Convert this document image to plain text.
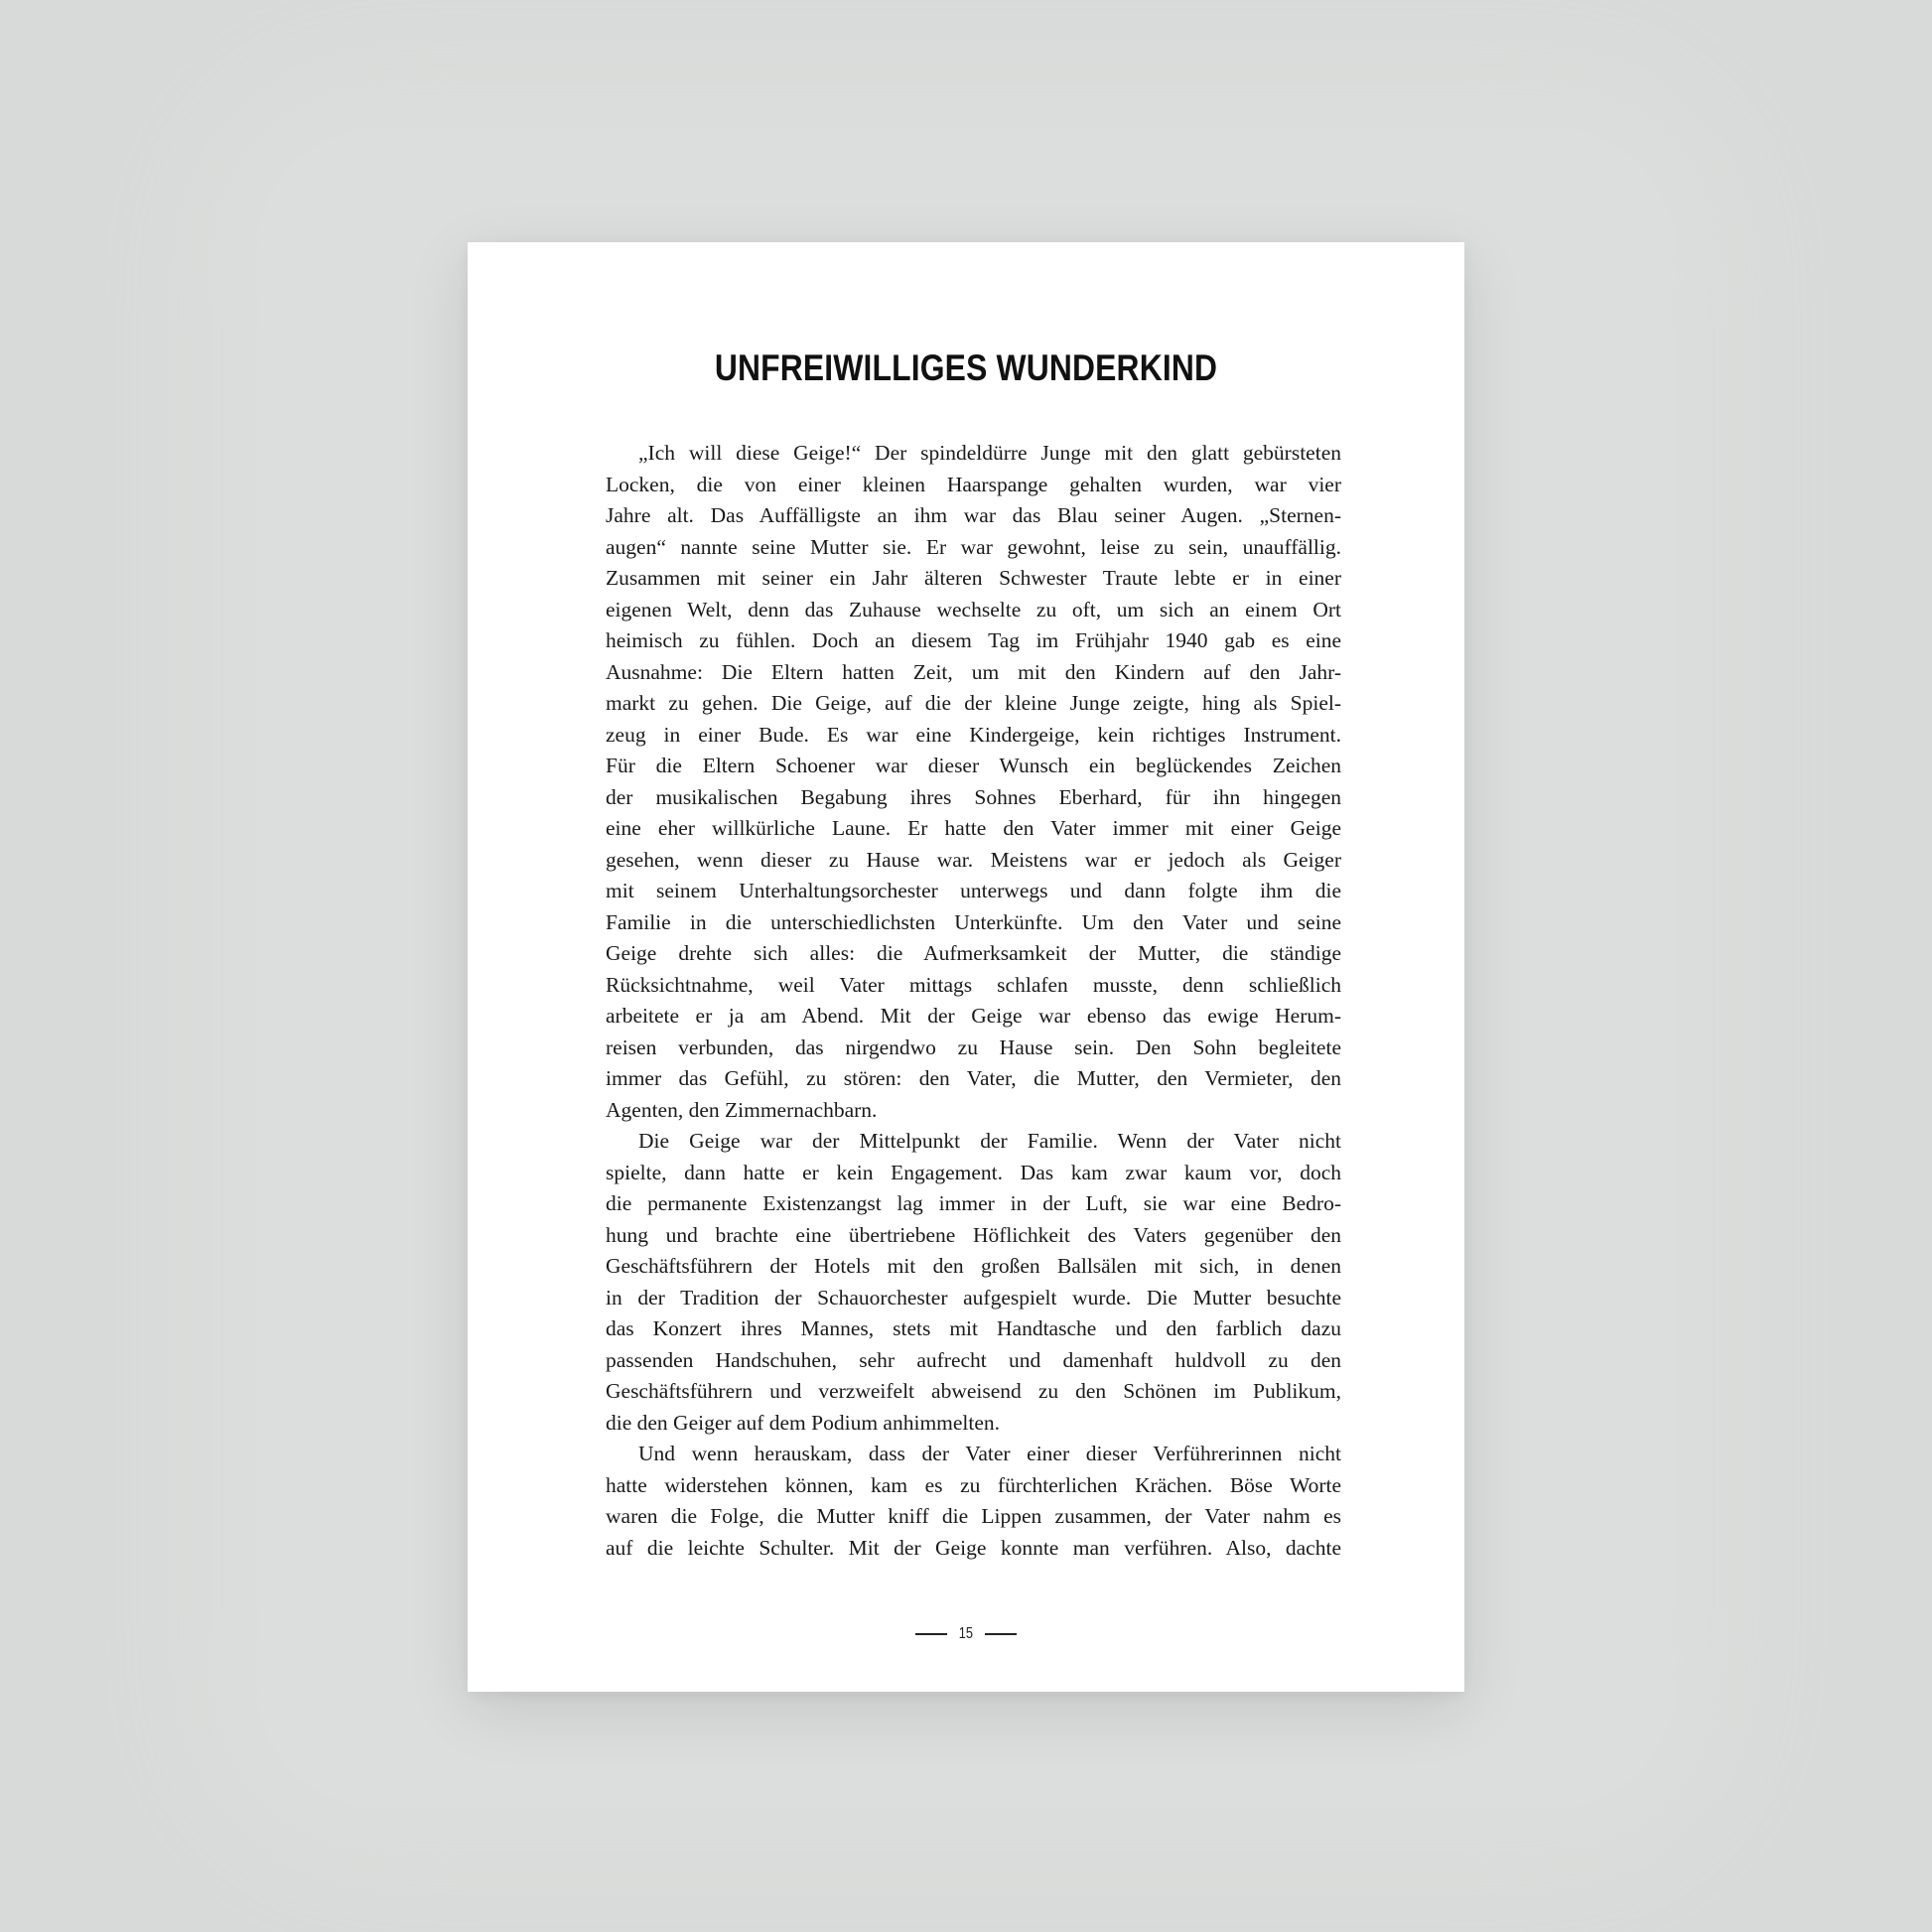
UNFREIWILLIGES WUNDERKIND
„Ich will diese Geige!“ Der spindeldürre Junge mit den glatt gebürsteten
Locken, die von einer kleinen Haarspange gehalten wurden, war vier
Jahre alt. Das Auffälligste an ihm war das Blau seiner Augen. „Sternen-
augen“ nannte seine Mutter sie. Er war gewohnt, leise zu sein, unauffällig.
Zusammen mit seiner ein Jahr älteren Schwester Traute lebte er in einer
eigenen Welt, denn das Zuhause wechselte zu oft, um sich an einem Ort
heimisch zu fühlen. Doch an diesem Tag im Frühjahr 1940 gab es eine
Ausnahme: Die Eltern hatten Zeit, um mit den Kindern auf den Jahr-
markt zu gehen. Die Geige, auf die der kleine Junge zeigte, hing als Spiel-
zeug in einer Bude. Es war eine Kindergeige, kein richtiges Instrument.
Für die Eltern Schoener war dieser Wunsch ein beglückendes Zeichen
der musikalischen Begabung ihres Sohnes Eberhard, für ihn hingegen
eine eher willkürliche Laune. Er hatte den Vater immer mit einer Geige
gesehen, wenn dieser zu Hause war. Meistens war er jedoch als Geiger
mit seinem Unterhaltungsorchester unterwegs und dann folgte ihm die
Familie in die unterschiedlichsten Unterkünfte. Um den Vater und seine
Geige drehte sich alles: die Aufmerksamkeit der Mutter, die ständige
Rücksichtnahme, weil Vater mittags schlafen musste, denn schließlich
arbeitete er ja am Abend. Mit der Geige war ebenso das ewige Herum-
reisen verbunden, das nirgendwo zu Hause sein. Den Sohn begleitete
immer das Gefühl, zu stören: den Vater, die Mutter, den Vermieter, den
Agenten, den Zimmernachbarn.
Die Geige war der Mittelpunkt der Familie. Wenn der Vater nicht
spielte, dann hatte er kein Engagement. Das kam zwar kaum vor, doch
die permanente Existenzangst lag immer in der Luft, sie war eine Bedro-
hung und brachte eine übertriebene Höflichkeit des Vaters gegenüber den
Geschäftsführern der Hotels mit den großen Ballsälen mit sich, in denen
in der Tradition der Schauorchester aufgespielt wurde. Die Mutter besuchte
das Konzert ihres Mannes, stets mit Handtasche und den farblich dazu
passenden Handschuhen, sehr aufrecht und damenhaft huldvoll zu den
Geschäftsführern und verzweifelt abweisend zu den Schönen im Publikum,
die den Geiger auf dem Podium anhimmelten.
Und wenn herauskam, dass der Vater einer dieser Verführerinnen nicht
hatte widerstehen können, kam es zu fürchterlichen Krächen. Böse Worte
waren die Folge, die Mutter kniff die Lippen zusammen, der Vater nahm es
auf die leichte Schulter. Mit der Geige konnte man verführen. Also, dachte
15
